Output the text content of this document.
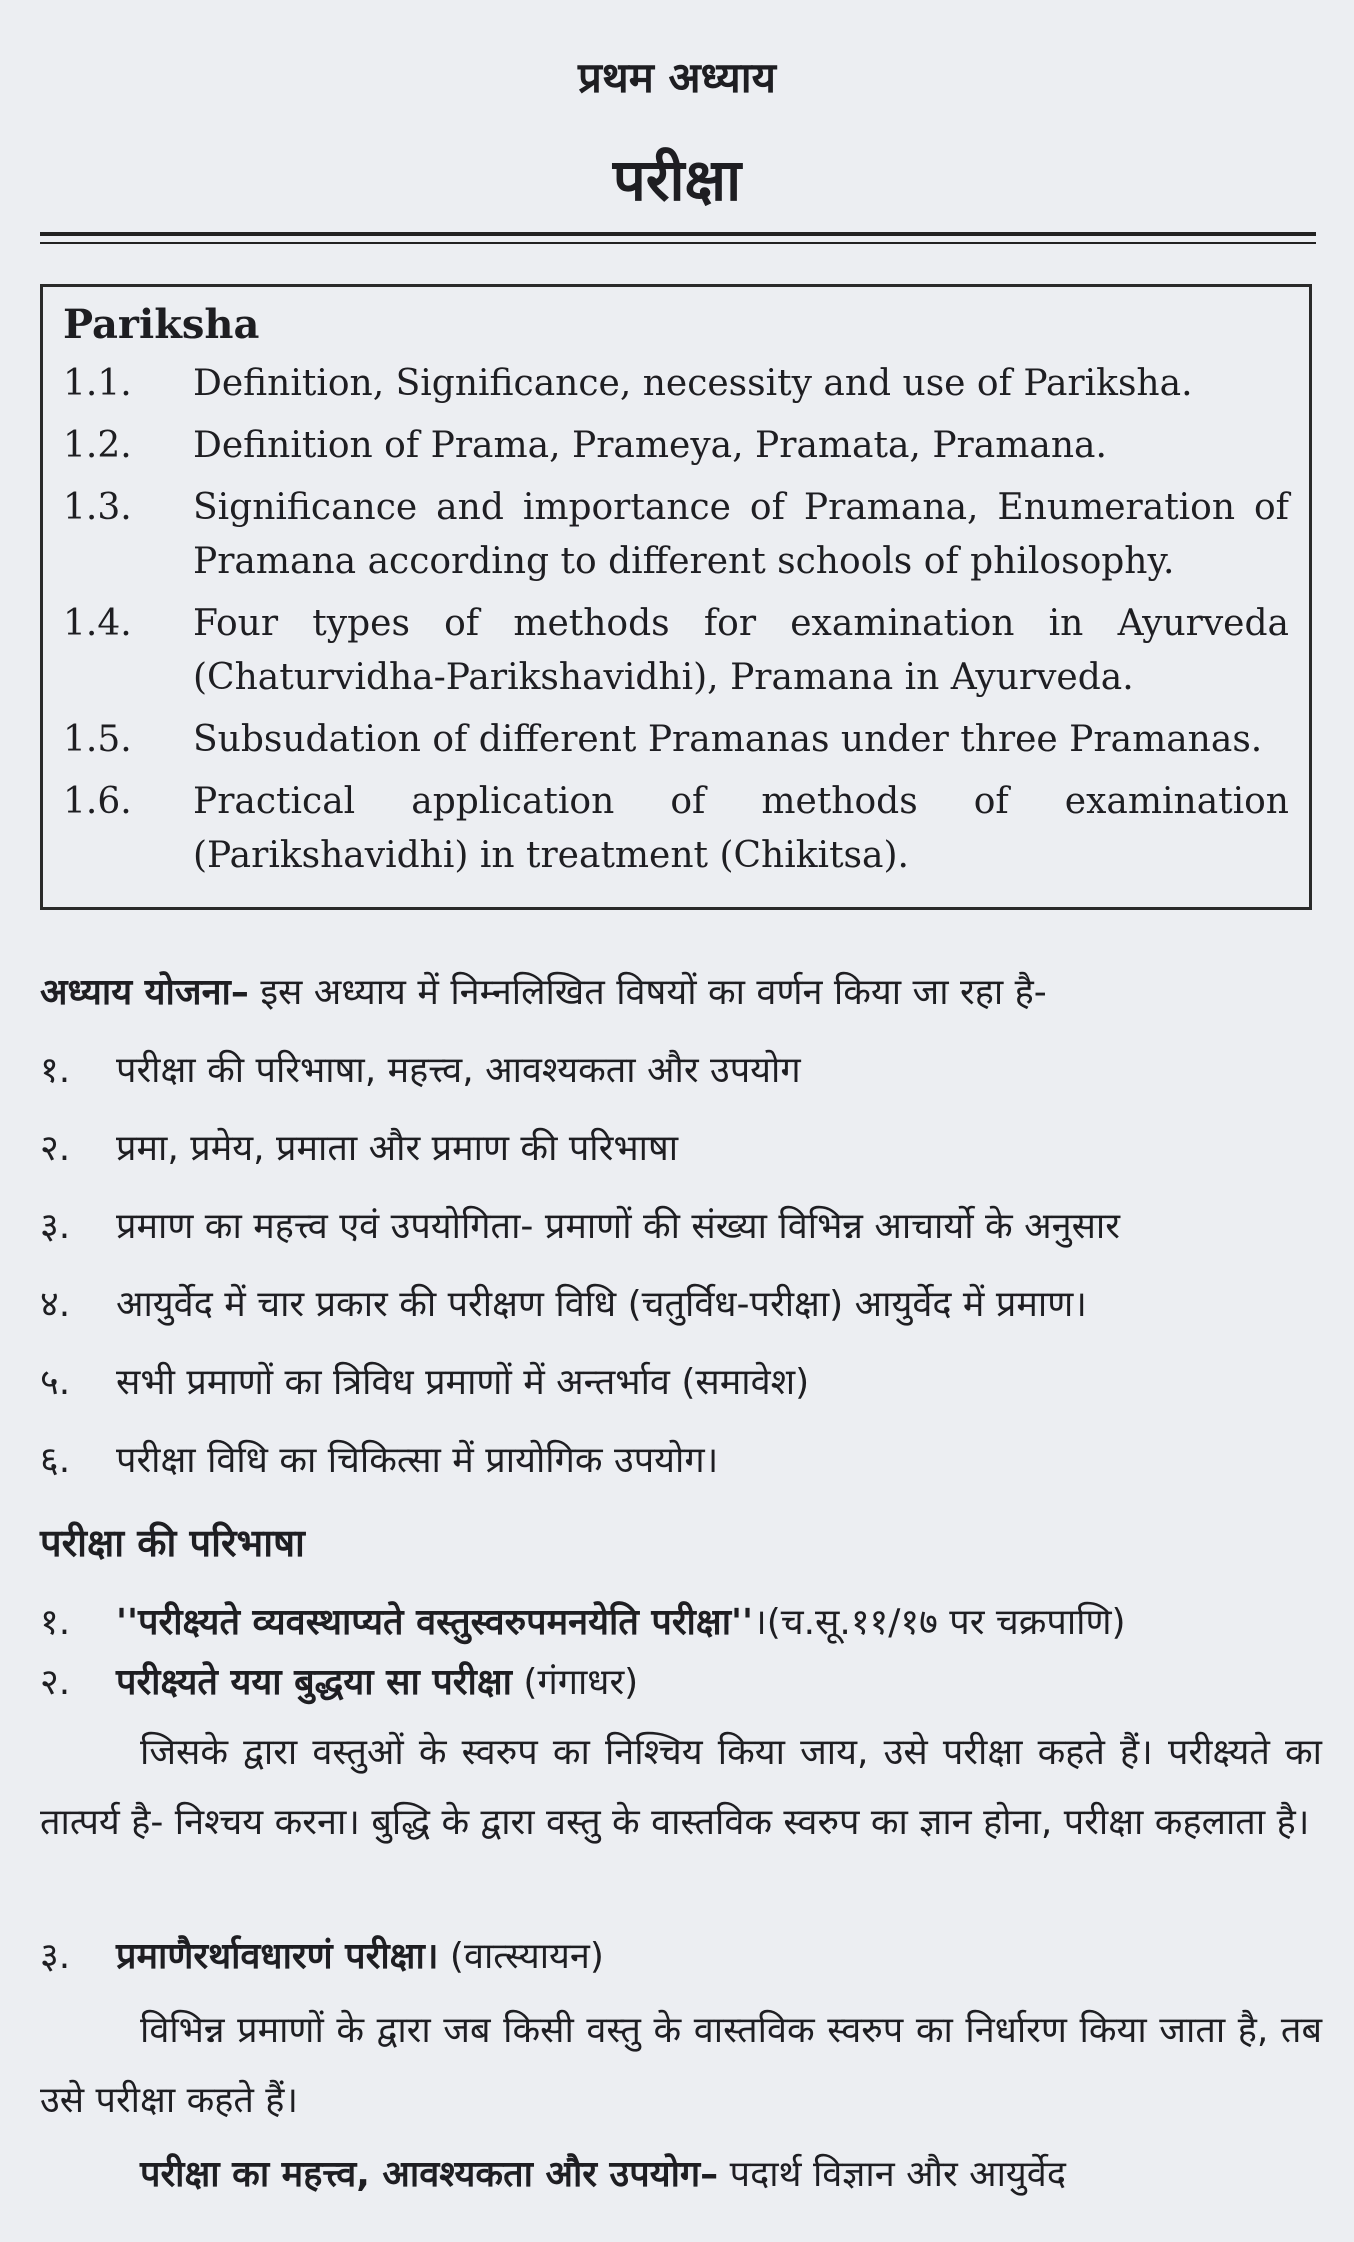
प्रथम अध्याय
परीक्षा
Pariksha
1.1.	Definition, Significance, necessity and use of Pariksha.
1.2.	Definition of Prama, Prameya, Pramata, Pramana.
1.3.	Significance and importance of Pramana, Enumeration of Pramana according to different schools of philosophy.
1.4.	Four types of methods for examination in Ayurveda (Chaturvidha-Parikshavidhi), Pramana in Ayurveda.
1.5.	Subsudation of different Pramanas under three Pramanas.
1.6.	Practical application of methods of examination (Parikshavidhi) in treatment (Chikitsa).
अध्याय योजना– इस अध्याय में निम्नलिखित विषयों का वर्णन किया जा रहा है-
१.	परीक्षा की परिभाषा, महत्त्व, आवश्यकता और उपयोग
२.	प्रमा, प्रमेय, प्रमाता और प्रमाण की परिभाषा
३.	प्रमाण का महत्त्व एवं उपयोगिता- प्रमाणों की संख्या विभिन्न आचार्यो के अनुसार
४.	आयुर्वेद में चार प्रकार की परीक्षण विधि (चतुर्विध-परीक्षा) आयुर्वेद में प्रमाण।
५.	सभी प्रमाणों का त्रिविध प्रमाणों में अन्तर्भाव (समावेश)
६.	परीक्षा विधि का चिकित्सा में प्रायोगिक उपयोग।
परीक्षा की परिभाषा
१.	''परीक्ष्यते व्यवस्थाप्यते वस्तुस्वरुपमनयेति परीक्षा''।(च.सू.११/१७ पर चक्रपाणि)
२.	परीक्ष्यते यया बुद्धया सा परीक्षा (गंगाधर)
जिसके द्वारा वस्तुओं के स्वरुप का निश्चिय किया जाय, उसे परीक्षा कहते हैं। परीक्ष्यते का तात्पर्य है- निश्चय करना। बुद्धि के द्वारा वस्तु के वास्तविक स्वरुप का ज्ञान होना, परीक्षा कहलाता है।
३.	प्रमाणैरर्थावधारणं परीक्षा। (वात्स्यायन)
विभिन्न प्रमाणों के द्वारा जब किसी वस्तु के वास्तविक स्वरुप का निर्धारण किया जाता है, तब उसे परीक्षा कहते हैं।
परीक्षा का महत्त्व, आवश्यकता और उपयोग– पदार्थ विज्ञान और आयुर्वेद
